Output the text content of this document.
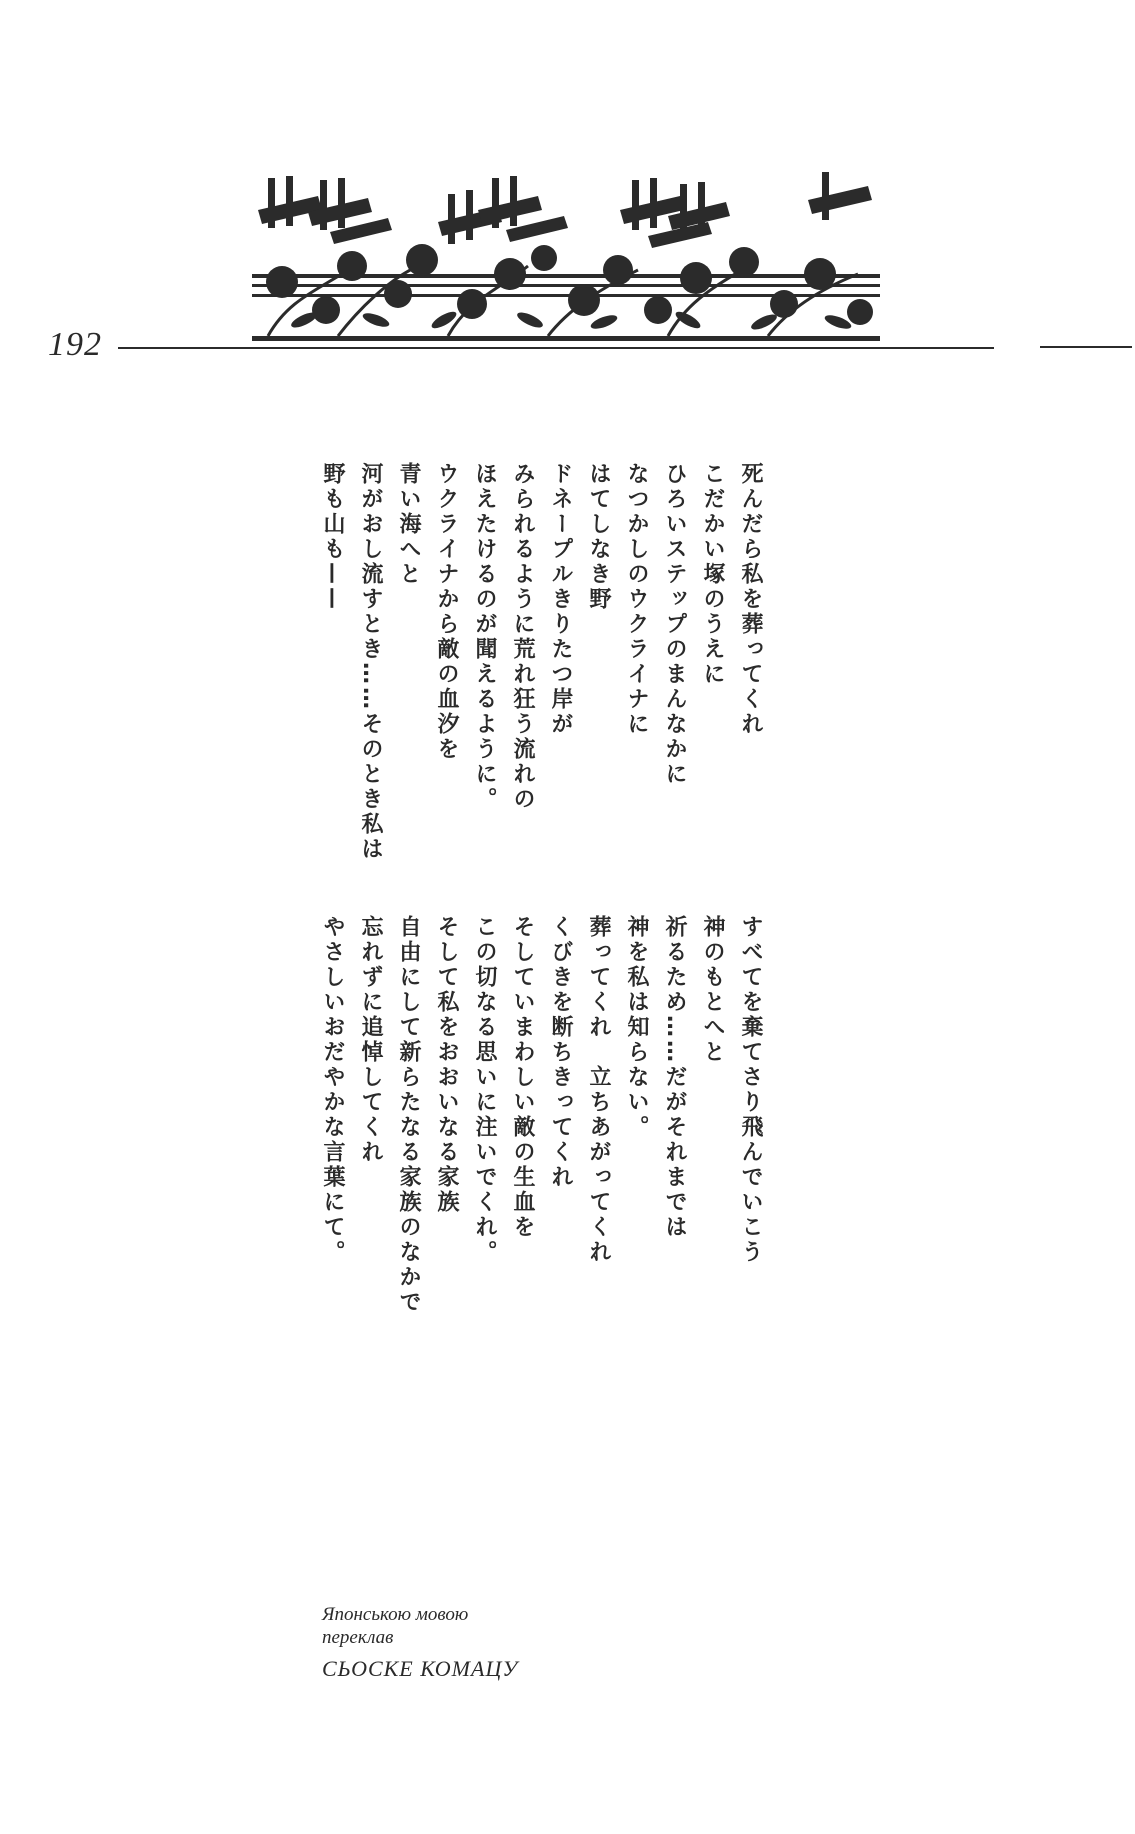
192
死んだら私を葬ってくれ
こだかい塚のうえに
ひろいステップのまんなかに
なつかしのウクライナに
はてしなき野
ドネープルきりたつ岸が
みられるように荒れ狂う流れの
ほえたけるのが聞えるように。
ウクライナから敵の血汐を
青い海へと
河がおし流すとき……そのとき私は
野も山も——
すべてを棄てさり飛んでいこう
神のもとへと
祈るため……だがそれまでは
神を私は知らない。
葬ってくれ　立ちあがってくれ
くびきを断ちきってくれ
そしていまわしい敵の生血を
この切なる思いに注いでくれ。
そして私をおおいなる家族
自由にして新らたなる家族のなかで
忘れずに追悼してくれ
やさしいおだやかな言葉にて。
Японською мовою
переклав
СЬОСКЕ КОМАЦУ
